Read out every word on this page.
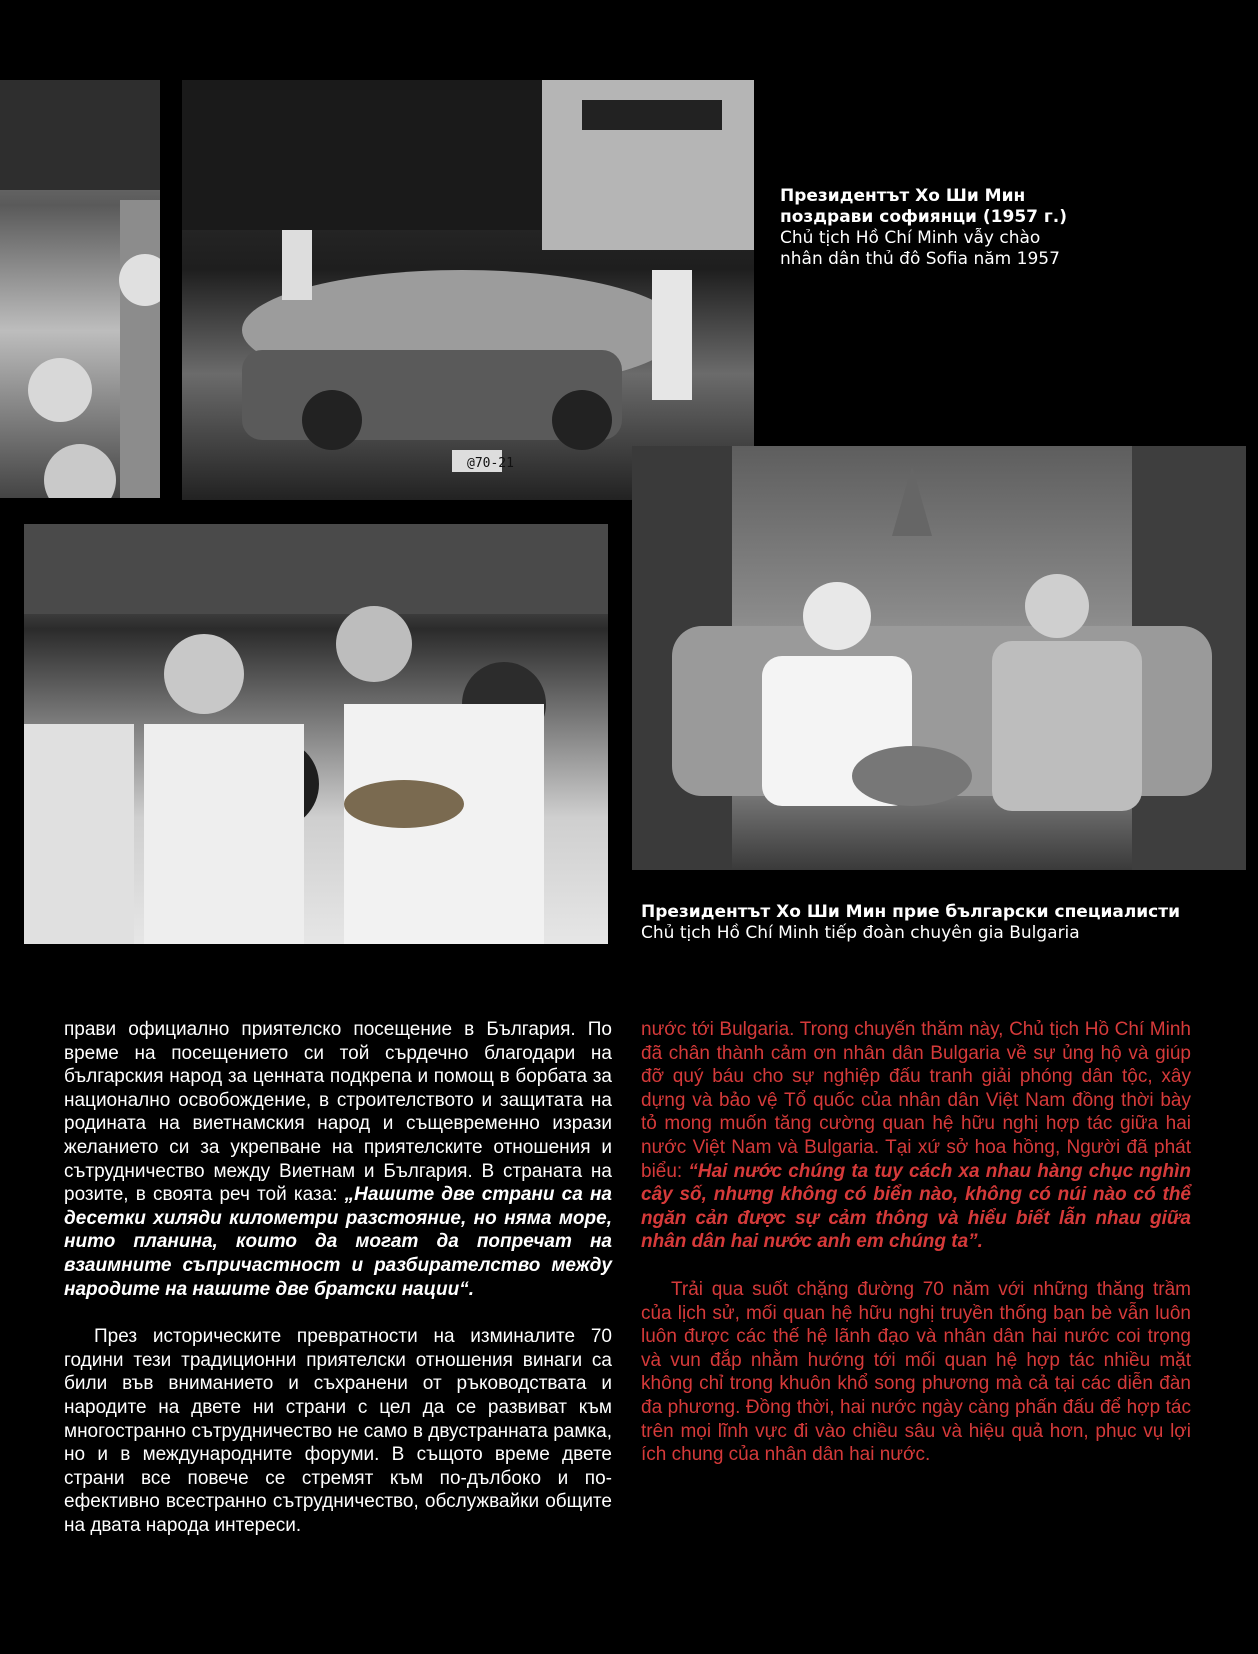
@70-21
Президентът Хо Ши Мин
поздрави софиянци (1957 г.)
Chủ tịch Hồ Chí Minh vẫy chào
nhân dân thủ đô Sofia năm 1957
Президентът Хо Ши Мин прие български специалисти
Chủ tịch Hồ Chí Minh tiếp đoàn chuyên gia Bulgaria

прави официално приятелско посещение в България. По време на посещението си той сърдечно благодари на българския народ за ценната подкрепа и помощ в борбата за национално освобождение, в строителството и защитата на родината на виетнамския народ и същевременно изрази желанието си за укрепване на приятелските отношения и сътрудничество между Виетнам и България. В страната на розите, в своята реч той каза: „Нашите две страни са на десетки хиляди километри разстояние, но няма море, нито планина, които да могат да попречат на взаимните съпричастност и разбирателство между народите на нашите две братски нации“.

През историческите превратности на изминалите 70 години тези традиционни приятелски отношения винаги са били във вниманието и съхранени от ръководствата и народите на двете ни страни с цел да се развиват към многостранно сътрудничество не само в двустранната рамка, но и в международните форуми. В същото време двете страни все повече се стремят към по-дълбоко и по-ефективно всестранно сътрудничество, обслужвайки общите на двата народа интереси.

nước tới Bulgaria. Trong chuyến thăm này, Chủ tịch Hồ Chí Minh đã chân thành cảm ơn nhân dân Bulgaria về sự ủng hộ và giúp đỡ quý báu cho sự nghiệp đấu tranh giải phóng dân tộc, xây dựng và bảo vệ Tổ quốc của nhân dân Việt Nam đồng thời bày tỏ mong muốn tăng cường quan hệ hữu nghị hợp tác giữa hai nước Việt Nam và Bulgaria. Tại xứ sở hoa hồng, Người đã phát biểu: “Hai nước chúng ta tuy cách xa nhau hàng chục nghìn cây số, nhưng không có biển nào, không có núi nào có thể ngăn cản được sự cảm thông và hiểu biết lẫn nhau giữa nhân dân hai nước anh em chúng ta”.

Trải qua suốt chặng đường 70 năm với những thăng trầm của lịch sử, mối quan hệ hữu nghị truyền thống bạn bè vẫn luôn luôn được các thế hệ lãnh đạo và nhân dân hai nước coi trọng và vun đắp nhằm hướng tới mối quan hệ hợp tác nhiều mặt không chỉ trong khuôn khổ song phương mà cả tại các diễn đàn đa phương. Đồng thời, hai nước ngày càng phấn đấu để hợp tác trên mọi lĩnh vực đi vào chiều sâu và hiệu quả hơn, phục vụ lợi ích chung của nhân dân hai nước.
